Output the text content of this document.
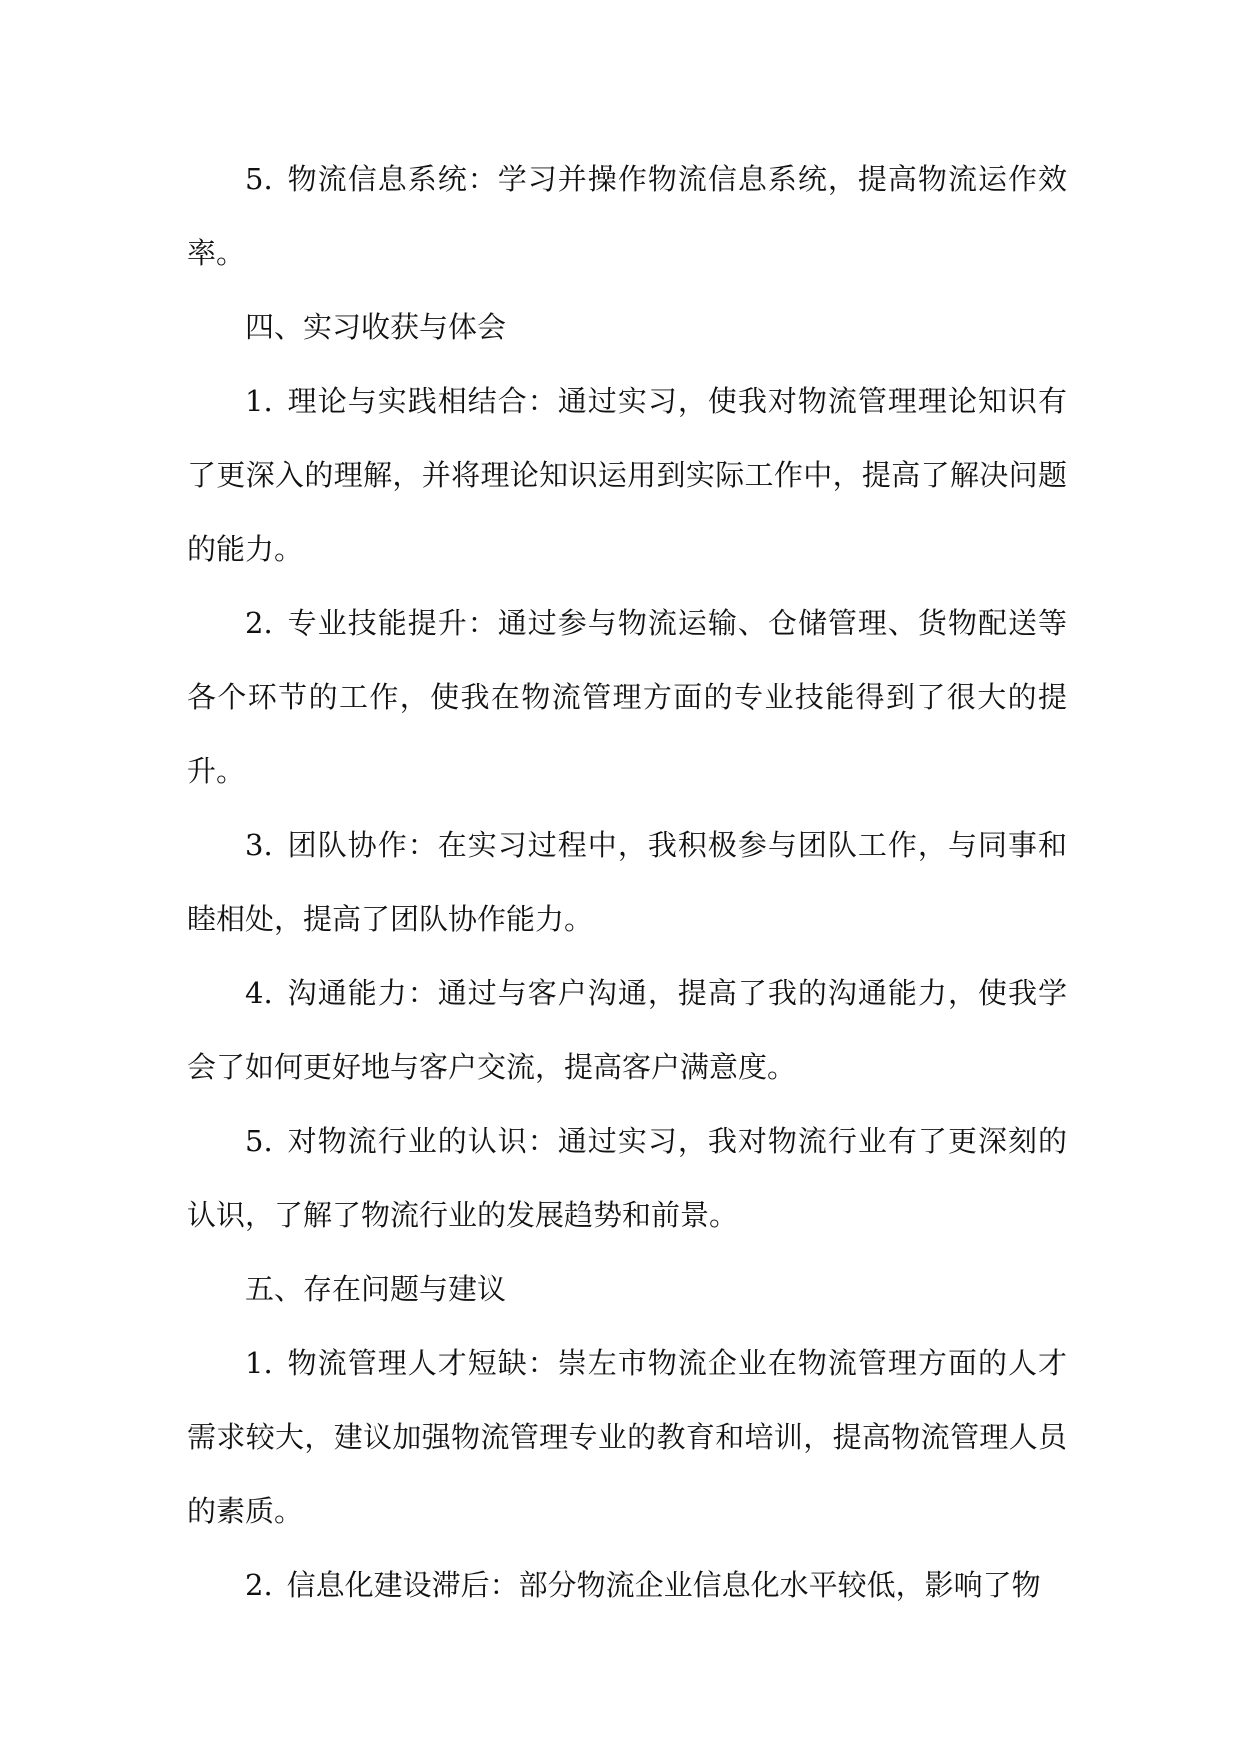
5. 物流信息系统：学习并操作物流信息系统，提高物流运作效率。

四、实习收获与体会

1. 理论与实践相结合：通过实习，使我对物流管理理论知识有了更深入的理解，并将理论知识运用到实际工作中，提高了解决问题的能力。

2. 专业技能提升：通过参与物流运输、仓储管理、货物配送等各个环节的工作，使我在物流管理方面的专业技能得到了很大的提升。

3. 团队协作：在实习过程中，我积极参与团队工作，与同事和睦相处，提高了团队协作能力。

4. 沟通能力：通过与客户沟通，提高了我的沟通能力，使我学会了如何更好地与客户交流，提高客户满意度。

5. 对物流行业的认识：通过实习，我对物流行业有了更深刻的认识，了解了物流行业的发展趋势和前景。

五、存在问题与建议

1. 物流管理人才短缺：崇左市物流企业在物流管理方面的人才需求较大，建议加强物流管理专业的教育和培训，提高物流管理人员的素质。

2. 信息化建设滞后：部分物流企业信息化水平较低，影响了物
